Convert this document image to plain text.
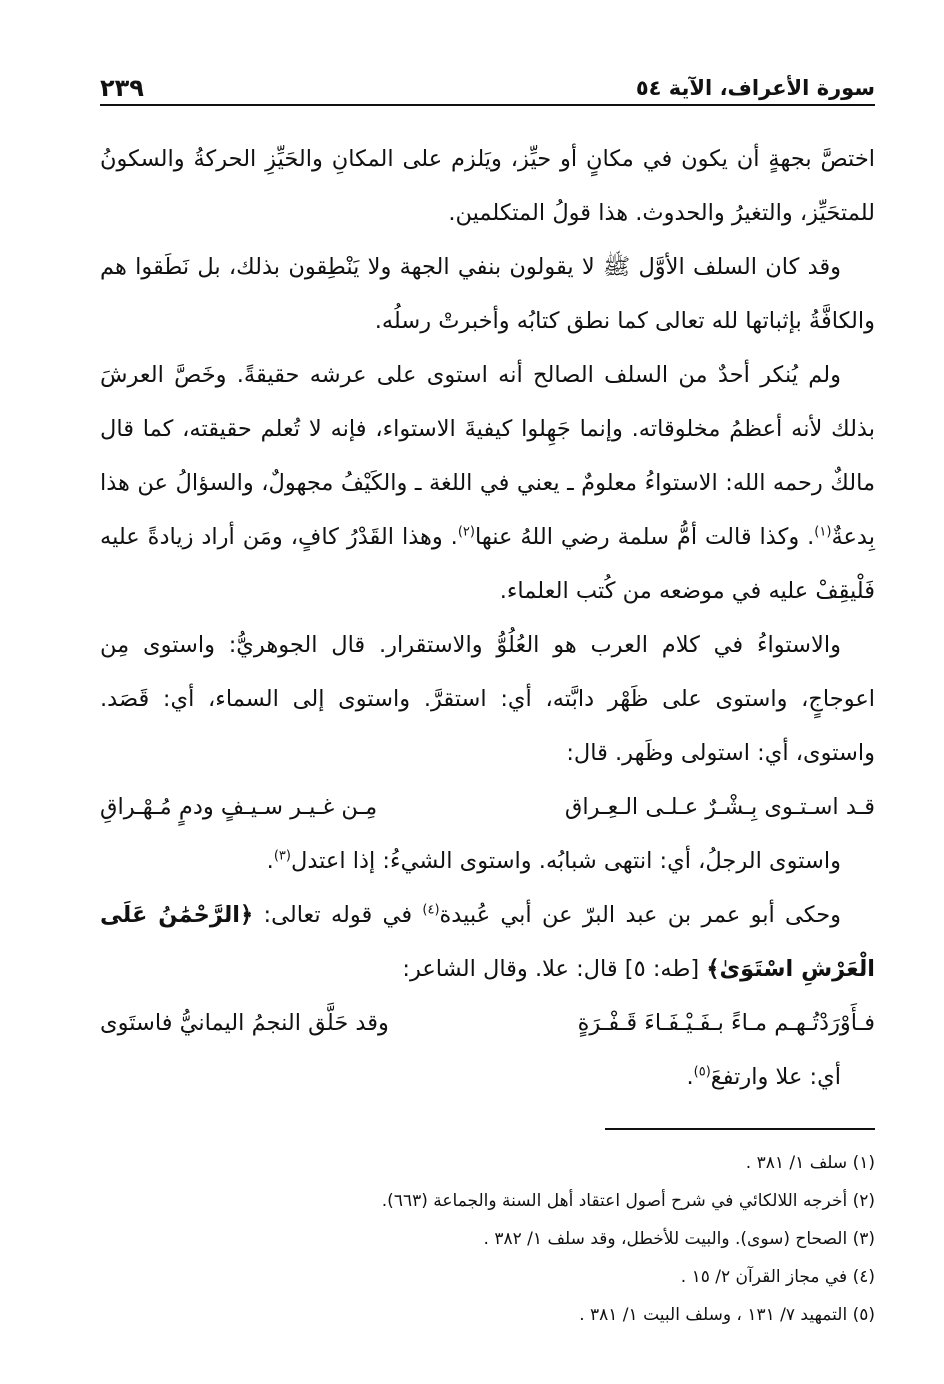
سورة الأعراف، الآية ٥٤
٢٣٩

اختصَّ بجهةٍ أن يكون في مكانٍ أو حيِّز، ويَلزم على المكانِ والحَيِّزِ الحركةُ والسكونُ للمتحَيِّز، والتغيرُ والحدوث. هذا قولُ المتكلمين.

وقد كان السلف الأوَّل ﷺ لا يقولون بنفي الجهة ولا يَنْطِقون بذلك، بل نَطَقوا هم والكافَّةُ بإثباتها لله تعالى كما نطق كتابُه وأخبرتْ رسلُه.

ولم يُنكر أحدٌ من السلف الصالح أنه استوى على عرشه حقيقةً. وخَصَّ العرشَ بذلك لأنه أعظمُ مخلوقاته. وإنما جَهِلوا كيفيةَ الاستواء، فإنه لا تُعلم حقيقته، كما قال مالكٌ رحمه الله: الاستواءُ معلومٌ ـ يعني في اللغة ـ والكَيْفُ مجهولٌ، والسؤالُ عن هذا بِدعةٌ$^{(١)}$. وكذا قالت أمُّ سلمة رضي اللهُ عنها$^{(٢)}$. وهذا القَدْرُ كافٍ، ومَن أراد زيادةً عليه فَلْيقِفْ عليه في موضعه من كُتب العلماء.

والاستواءُ في كلام العرب هو العُلُوُّ والاستقرار. قال الجوهريُّ: واستوى مِن اعوجاجٍ، واستوى على ظَهْر دابَّته، أي: استقرَّ. واستوى إلى السماء، أي: قَصَد. واستوى، أي: استولى وظَهر. قال:

قـد اسـتـوى بِـشْـرٌ عـلـى الـعِـراق
مِـن غـيـر سـيـفٍ ودمٍ مُـهْـراقِ

واستوى الرجلُ، أي: انتهى شبابُه. واستوى الشيءُ: إذا اعتدل$^{(٣)}$.

وحكى أبو عمر بن عبد البرّ عن أبي عُبيدة$^{(٤)}$ في قوله تعالى: ﴿الرَّحْمَٰنُ عَلَى الْعَرْشِ اسْتَوَىٰ﴾ [طه: ٥] قال: علا. وقال الشاعر:

فـأَوْرَدْتُـهـم مـاءً بـفَـيْـفَـاءَ قَـفْـرَةٍ
وقد حَلَّق النجمُ اليمانيُّ فاستَوى

أي: علا وارتفعَ$^{(٥)}$.

(١) سلف ١/ ٣٨١ .
(٢) أخرجه اللالكائي في شرح أصول اعتقاد أهل السنة والجماعة (٦٦٣).
(٣) الصحاح (سوى). والبيت للأخطل، وقد سلف ١/ ٣٨٢ .
(٤) في مجاز القرآن ٢/ ١٥ .
(٥) التمهيد ٧/ ١٣١ ، وسلف البيت ١/ ٣٨١ .
